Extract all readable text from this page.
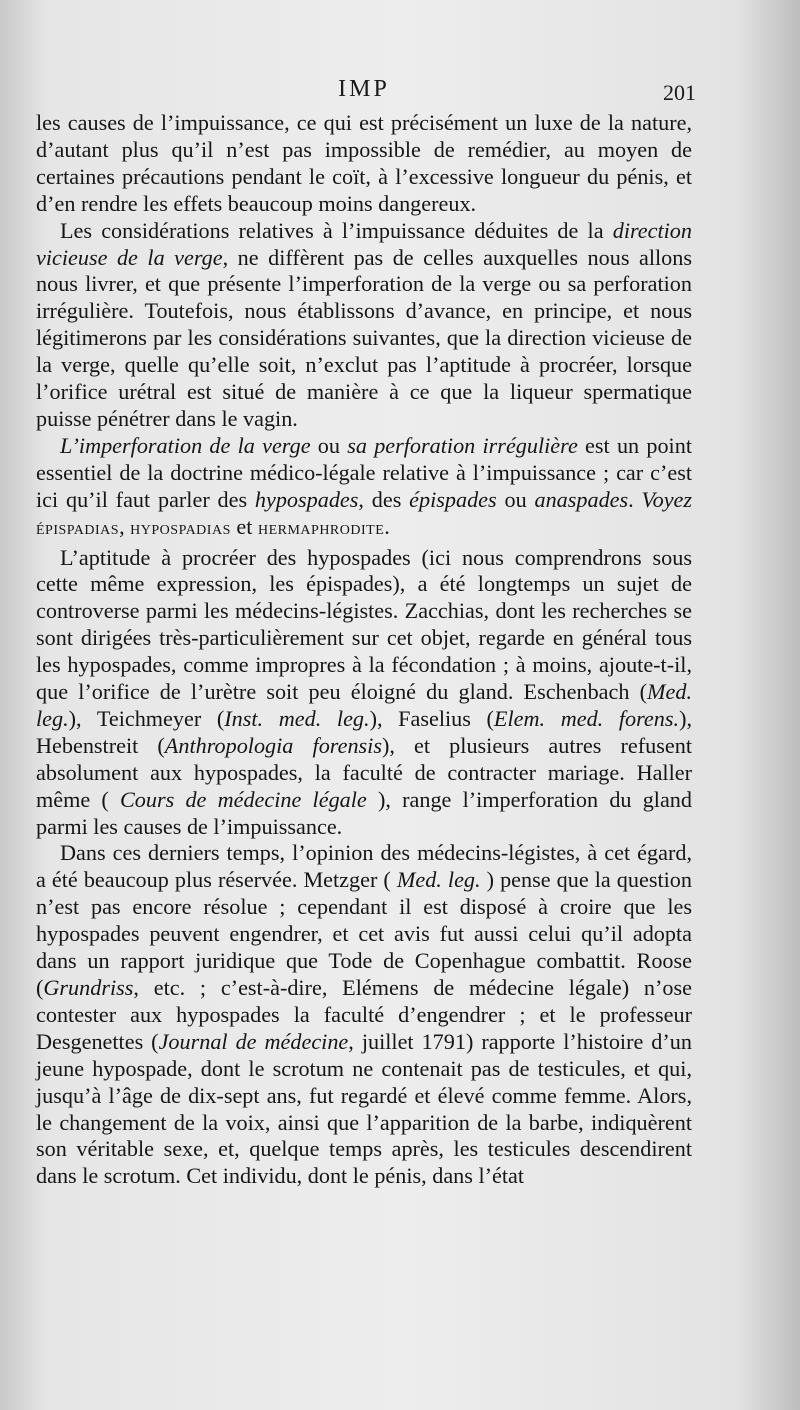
IMP	201

les causes de l’impuissance, ce qui est précisément un luxe de la nature, d’autant plus qu’il n’est pas impossible de remédier, au moyen de certaines précautions pendant le coït, à l’excessive longueur du pénis, et d’en rendre les effets beaucoup moins dangereux.

Les considérations relatives à l’impuissance déduites de la direction vicieuse de la verge, ne diffèrent pas de celles auxquelles nous allons nous livrer, et que présente l’imperforation de la verge ou sa perforation irrégulière. Toutefois, nous établissons d’avance, en principe, et nous légitimerons par les considérations suivantes, que la direction vicieuse de la verge, quelle qu’elle soit, n’exclut pas l’aptitude à procréer, lorsque l’orifice urétral est situé de manière à ce que la liqueur spermatique puisse pénétrer dans le vagin.

L’imperforation de la verge ou sa perforation irrégulière est un point essentiel de la doctrine médico-légale relative à l’impuissance ; car c’est ici qu’il faut parler des hypospades, des épispades ou anaspades. Voyez ÉPISPADIAS, HYPOSPADIAS et HERMAPHRODITE.

L’aptitude à procréer des hypospades (ici nous comprendrons sous cette même expression, les épispades), a été longtemps un sujet de controverse parmi les médecins-légistes. Zacchias, dont les recherches se sont dirigées très-particulièrement sur cet objet, regarde en général tous les hypospades, comme impropres à la fécondation ; à moins, ajoute-t-il, que l’orifice de l’urètre soit peu éloigné du gland. Eschenbach (Med. leg.), Teichmeyer (Inst. med. leg.), Faselius (Elem. med. forens.), Hebenstreit (Anthropologia forensis), et plusieurs autres refusent absolument aux hypospades, la faculté de contracter mariage. Haller même ( Cours de médecine légale ), range l’imperforation du gland parmi les causes de l’impuissance.

Dans ces derniers temps, l’opinion des médecins-légistes, à cet égard, a été beaucoup plus réservée. Metzger ( Med. leg. ) pense que la question n’est pas encore résolue ; cependant il est disposé à croire que les hypospades peuvent engendrer, et cet avis fut aussi celui qu’il adopta dans un rapport juridique que Tode de Copenhague combattit. Roose (Grundriss, etc. ; c’est-à-dire, Elémens de médecine légale) n’ose contester aux hypospades la faculté d’engendrer ; et le professeur Desgenettes (Journal de médecine, juillet 1791) rapporte l’histoire d’un jeune hypospade, dont le scrotum ne contenait pas de testicules, et qui, jusqu’à l’âge de dix-sept ans, fut regardé et élevé comme femme. Alors, le changement de la voix, ainsi que l’apparition de la barbe, indiquèrent son véritable sexe, et, quelque temps après, les testicules descendirent dans le scrotum. Cet individu, dont le pénis, dans l’état
